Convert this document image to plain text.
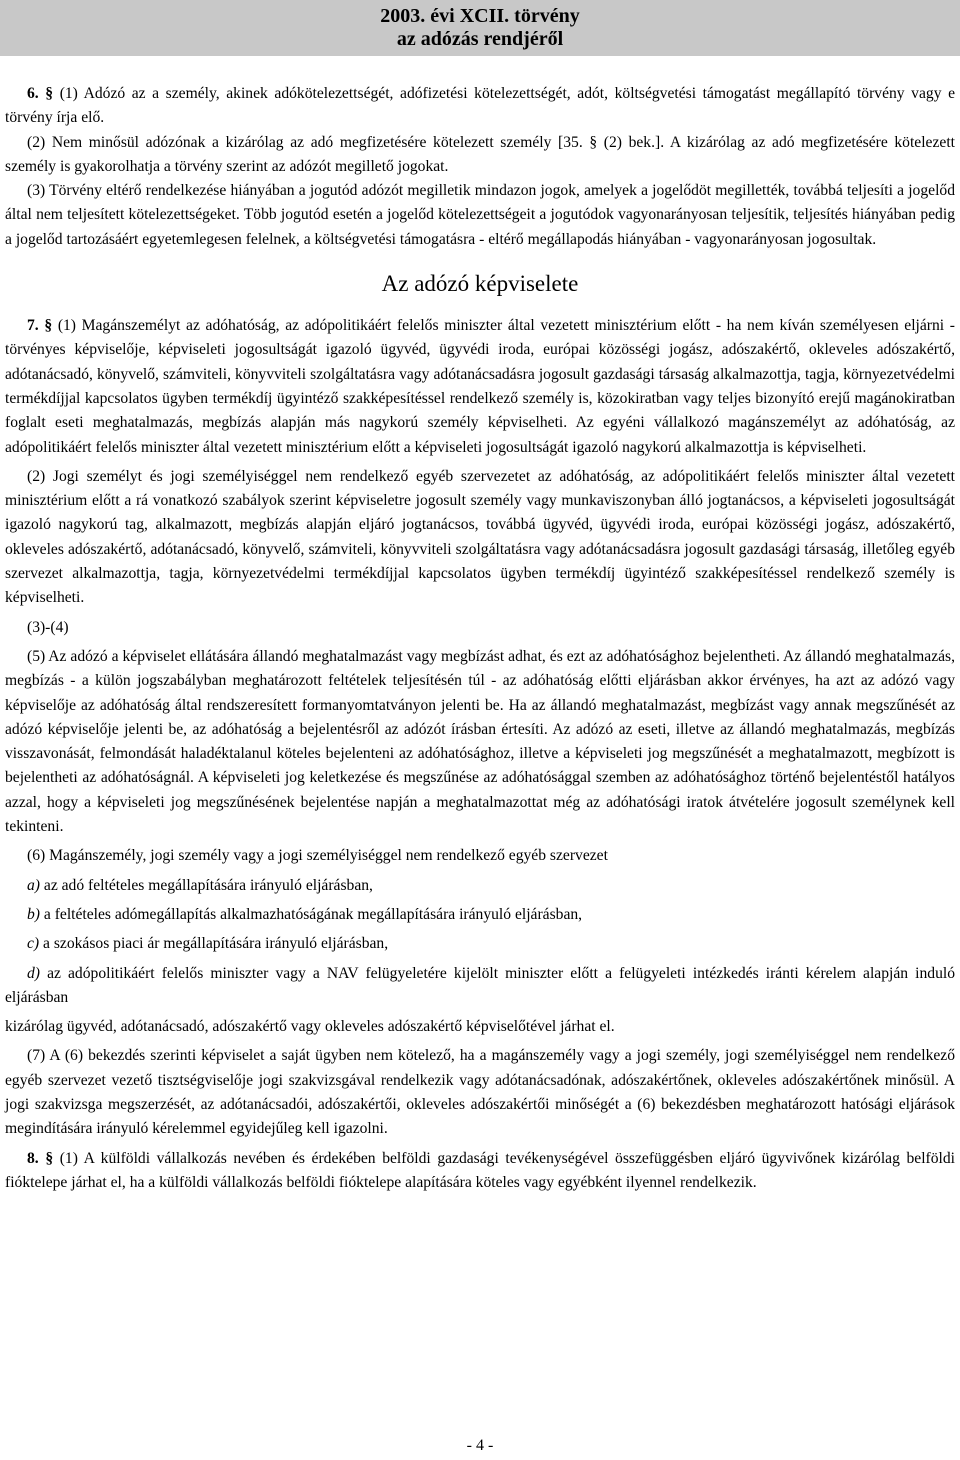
2003. évi XCII. törvény
az adózás rendjéről

6. § (1) Adózó az a személy, akinek adókötelezettségét, adófizetési kötelezettségét, adót, költségvetési támogatást megállapító törvény vagy e törvény írja elő.

(2) Nem minősül adózónak a kizárólag az adó megfizetésére kötelezett személy [35. § (2) bek.]. A kizárólag az adó megfizetésére kötelezett személy is gyakorolhatja a törvény szerint az adózót megillető jogokat.

(3) Törvény eltérő rendelkezése hiányában a jogutód adózót megilletik mindazon jogok, amelyek a jogelődöt megillették, továbbá teljesíti a jogelőd által nem teljesített kötelezettségeket. Több jogutód esetén a jogelőd kötelezettségeit a jogutódok vagyonarányosan teljesítik, teljesítés hiányában pedig a jogelőd tartozásáért egyetemlegesen felelnek, a költségvetési támogatásra - eltérő megállapodás hiányában - vagyonarányosan jogosultak.

Az adózó képviselete

7. § (1) Magánszemélyt az adóhatóság, az adópolitikáért felelős miniszter által vezetett minisztérium előtt - ha nem kíván személyesen eljárni - törvényes képviselője, képviseleti jogosultságát igazoló ügyvéd, ügyvédi iroda, európai közösségi jogász, adószakértő, okleveles adószakértő, adótanácsadó, könyvelő, számviteli, könyvviteli szolgáltatásra vagy adótanácsadásra jogosult gazdasági társaság alkalmazottja, tagja, környezetvédelmi termékdíjjal kapcsolatos ügyben termékdíj ügyintéző szakképesítéssel rendelkező személy is, közokiratban vagy teljes bizonyító erejű magánokiratban foglalt eseti meghatalmazás, megbízás alapján más nagykorú személy képviselheti. Az egyéni vállalkozó magánszemélyt az adóhatóság, az adópolitikáért felelős miniszter által vezetett minisztérium előtt a képviseleti jogosultságát igazoló nagykorú alkalmazottja is képviselheti.

(2) Jogi személyt és jogi személyiséggel nem rendelkező egyéb szervezetet az adóhatóság, az adópolitikáért felelős miniszter által vezetett minisztérium előtt a rá vonatkozó szabályok szerint képviseletre jogosult személy vagy munkaviszonyban álló jogtanácsos, a képviseleti jogosultságát igazoló nagykorú tag, alkalmazott, megbízás alapján eljáró jogtanácsos, továbbá ügyvéd, ügyvédi iroda, európai közösségi jogász, adószakértő, okleveles adószakértő, adótanácsadó, könyvelő, számviteli, könyvviteli szolgáltatásra vagy adótanácsadásra jogosult gazdasági társaság, illetőleg egyéb szervezet alkalmazottja, tagja, környezetvédelmi termékdíjjal kapcsolatos ügyben termékdíj ügyintéző szakképesítéssel rendelkező személy is képviselheti.

(3)-(4)

(5) Az adózó a képviselet ellátására állandó meghatalmazást vagy megbízást adhat, és ezt az adóhatósághoz bejelentheti. Az állandó meghatalmazás, megbízás - a külön jogszabályban meghatározott feltételek teljesítésén túl - az adóhatóság előtti eljárásban akkor érvényes, ha azt az adózó vagy képviselője az adóhatóság által rendszeresített formanyomtatványon jelenti be. Ha az állandó meghatalmazást, megbízást vagy annak megszűnését az adózó képviselője jelenti be, az adóhatóság a bejelentésről az adózót írásban értesíti. Az adózó az eseti, illetve az állandó meghatalmazás, megbízás visszavonását, felmondását haladéktalanul köteles bejelenteni az adóhatósághoz, illetve a képviseleti jog megszűnését a meghatalmazott, megbízott is bejelentheti az adóhatóságnál. A képviseleti jog keletkezése és megszűnése az adóhatósággal szemben az adóhatósághoz történő bejelentéstől hatályos azzal, hogy a képviseleti jog megszűnésének bejelentése napján a meghatalmazottat még az adóhatósági iratok átvételére jogosult személynek kell tekinteni.

(6) Magánszemély, jogi személy vagy a jogi személyiséggel nem rendelkező egyéb szervezet

a) az adó feltételes megállapítására irányuló eljárásban,

b) a feltételes adómegállapítás alkalmazhatóságának megállapítására irányuló eljárásban,

c) a szokásos piaci ár megállapítására irányuló eljárásban,

d) az adópolitikáért felelős miniszter vagy a NAV felügyeletére kijelölt miniszter előtt a felügyeleti intézkedés iránti kérelem alapján induló eljárásban

kizárólag ügyvéd, adótanácsadó, adószakértő vagy okleveles adószakértő képviselőtével járhat el.

(7) A (6) bekezdés szerinti képviselet a saját ügyben nem kötelező, ha a magánszemély vagy a jogi személy, jogi személyiséggel nem rendelkező egyéb szervezet vezető tisztségviselője jogi szakvizsgával rendelkezik vagy adótanácsadónak, adószakértőnek, okleveles adószakértőnek minősül. A jogi szakvizsga megszerzését, az adótanácsadói, adószakértői, okleveles adószakértői minőségét a (6) bekezdésben meghatározott hatósági eljárások megindítására irányuló kérelemmel egyidejűleg kell igazolni.

8. § (1) A külföldi vállalkozás nevében és érdekében belföldi gazdasági tevékenységével összefüggésben eljáró ügyvivőnek kizárólag belföldi fióktelepe járhat el, ha a külföldi vállalkozás belföldi fióktelepe alapítására köteles vagy egyébként ilyennel rendelkezik.

- 4 -
